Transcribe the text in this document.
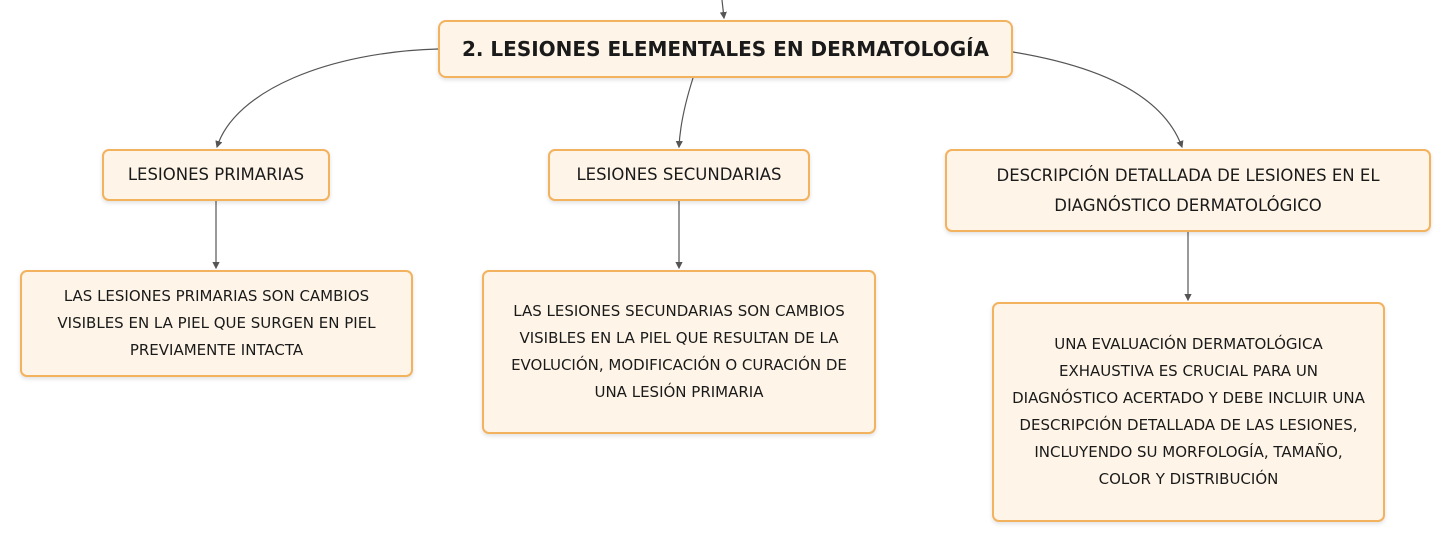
2. LESIONES ELEMENTALES EN DERMATOLOGÍA
LESIONES PRIMARIAS	LESIONES SECUNDARIAS	DESCRIPCIÓN DETALLADA DE LESIONES EN EL DIAGNÓSTICO DERMATOLÓGICO
LAS LESIONES PRIMARIAS SON CAMBIOS VISIBLES EN LA PIEL QUE SURGEN EN PIEL PREVIAMENTE INTACTA
LAS LESIONES SECUNDARIAS SON CAMBIOS VISIBLES EN LA PIEL QUE RESULTAN DE LA EVOLUCIÓN, MODIFICACIÓN O CURACIÓN DE UNA LESIÓN PRIMARIA
UNA EVALUACIÓN DERMATOLÓGICA EXHAUSTIVA ES CRUCIAL PARA UN DIAGNÓSTICO ACERTADO Y DEBE INCLUIR UNA DESCRIPCIÓN DETALLADA DE LAS LESIONES, INCLUYENDO SU MORFOLOGÍA, TAMAÑO, COLOR Y DISTRIBUCIÓN
